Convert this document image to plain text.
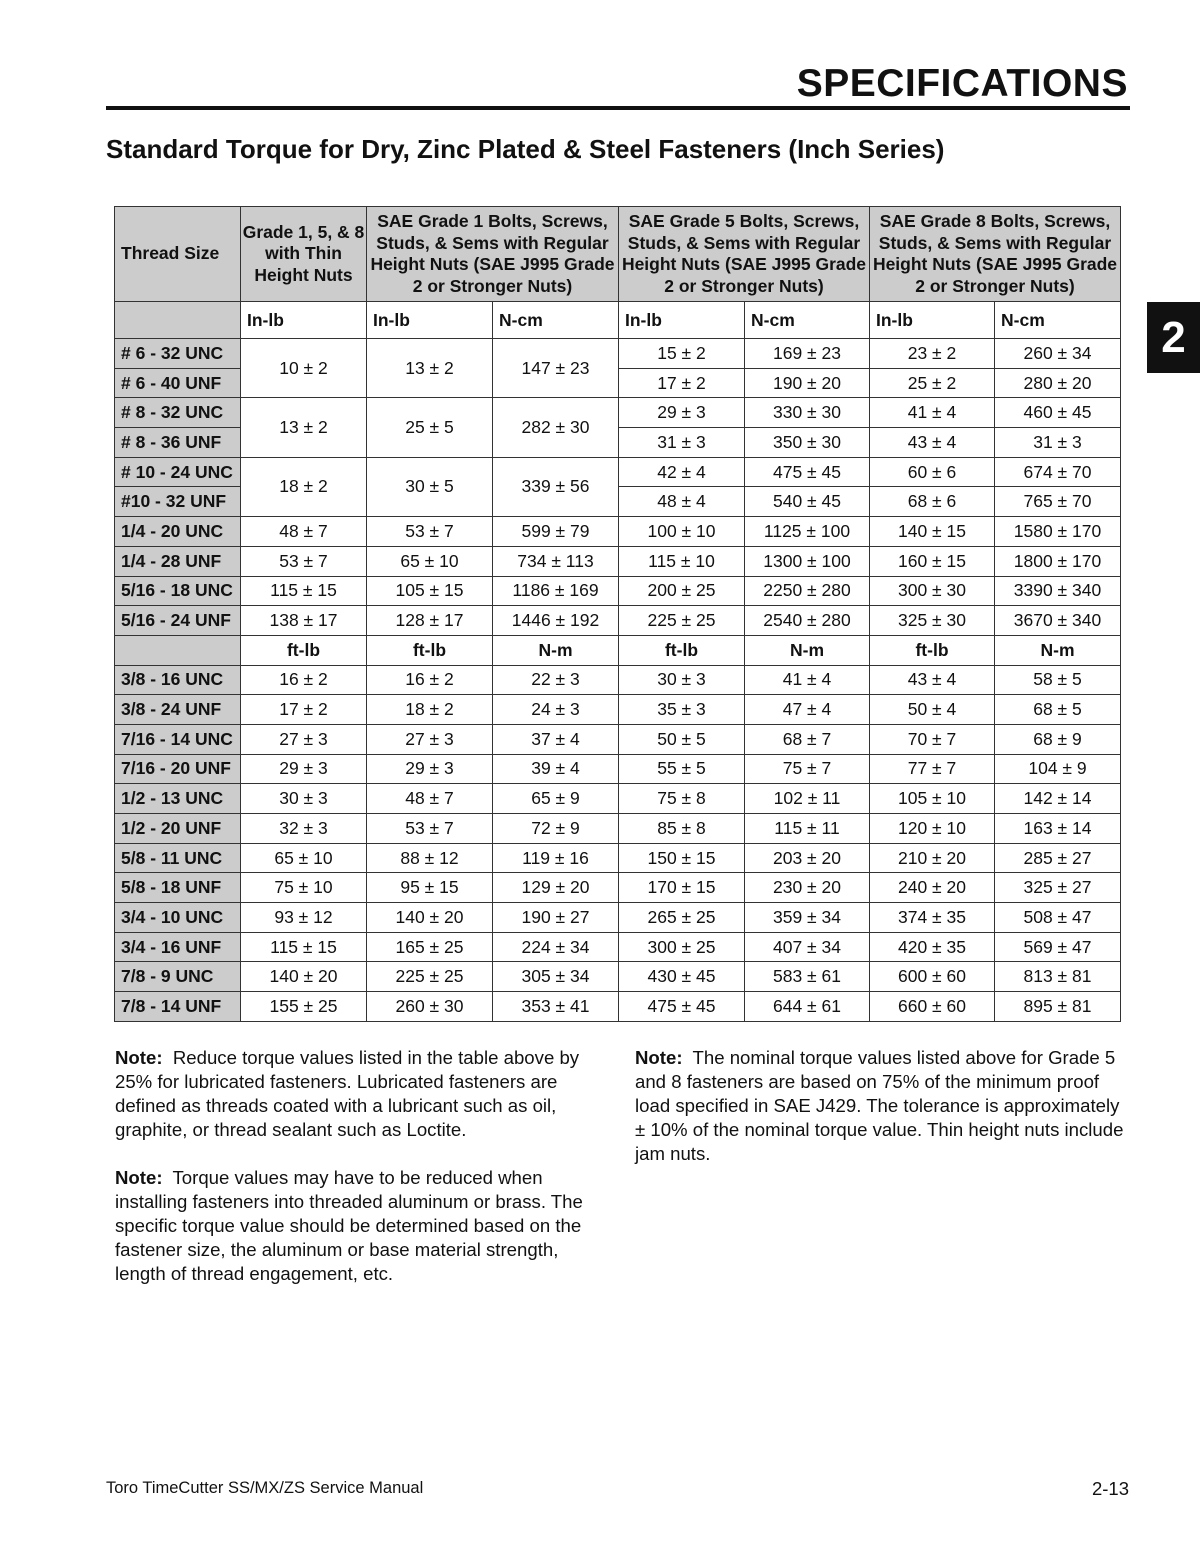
SPECIFICATIONS
2
Standard Torque for Dry, Zinc Plated & Steel Fasteners (Inch Series)
Thread Size	Grade 1, 5, & 8 with Thin Height Nuts	SAE Grade 1 Bolts, Screws, Studs, & Sems with Regular Height Nuts (SAE J995 Grade 2 or Stronger Nuts)		SAE Grade 5 Bolts, Screws, Studs, & Sems with Regular Height Nuts (SAE J995 Grade 2 or Stronger Nuts)		SAE Grade 8 Bolts, Screws, Studs, & Sems with Regular Height Nuts (SAE J995 Grade 2 or Stronger Nuts)	
	In-lb	In-lb	N-cm	In-lb	N-cm	In-lb	N-cm
# 6 - 32 UNC	10 ± 2	13 ± 2	147 ± 23	15 ± 2	169 ± 23	23 ± 2	260 ± 34
# 6 - 40 UNF				17 ± 2	190 ± 20	25 ± 2	280 ± 20
# 8 - 32 UNC	13 ± 2	25 ± 5	282 ± 30	29 ± 3	330 ± 30	41 ± 4	460 ± 45
# 8 - 36 UNF				31 ± 3	350 ± 30	43 ± 4	31 ± 3
# 10 - 24 UNC	18 ± 2	30 ± 5	339 ± 56	42 ± 4	475 ± 45	60 ± 6	674 ± 70
#10 - 32 UNF				48 ± 4	540 ± 45	68 ± 6	765 ± 70
1/4 - 20 UNC	48 ± 7	53 ± 7	599 ± 79	100 ± 10	1125 ± 100	140 ± 15	1580 ± 170
1/4 - 28 UNF	53 ± 7	65 ± 10	734 ± 113	115 ± 10	1300 ± 100	160 ± 15	1800 ± 170
5/16 - 18 UNC	115 ± 15	105 ± 15	1186 ± 169	200 ± 25	2250 ± 280	300 ± 30	3390 ± 340
5/16 - 24 UNF	138 ± 17	128 ± 17	1446 ± 192	225 ± 25	2540 ± 280	325 ± 30	3670 ± 340
	ft-lb	ft-lb	N-m	ft-lb	N-m	ft-lb	N-m
3/8 - 16 UNC	16 ± 2	16 ± 2	22 ± 3	30 ± 3	41 ± 4	43 ± 4	58 ± 5
3/8 - 24 UNF	17 ± 2	18 ± 2	24 ± 3	35 ± 3	47 ± 4	50 ± 4	68 ± 5
7/16 - 14 UNC	27 ± 3	27 ± 3	37 ± 4	50 ± 5	68 ± 7	70 ± 7	68 ± 9
7/16 - 20 UNF	29 ± 3	29 ± 3	39 ± 4	55 ± 5	75 ± 7	77 ± 7	104 ± 9
1/2 - 13 UNC	30 ± 3	48 ± 7	65 ± 9	75 ± 8	102 ± 11	105 ± 10	142 ± 14
1/2 - 20 UNF	32 ± 3	53 ± 7	72 ± 9	85 ± 8	115 ± 11	120 ± 10	163 ± 14
5/8 - 11 UNC	65 ± 10	88 ± 12	119 ± 16	150 ± 15	203 ± 20	210 ± 20	285 ± 27
5/8 - 18 UNF	75 ± 10	95 ± 15	129 ± 20	170 ± 15	230 ± 20	240 ± 20	325 ± 27
3/4 - 10 UNC	93 ± 12	140 ± 20	190 ± 27	265 ± 25	359 ± 34	374 ± 35	508 ± 47
3/4 - 16 UNF	115 ± 15	165 ± 25	224 ± 34	300 ± 25	407 ± 34	420 ± 35	569 ± 47
7/8 - 9 UNC	140 ± 20	225 ± 25	305 ± 34	430 ± 45	583 ± 61	600 ± 60	813 ± 81
7/8 - 14 UNF	155 ± 25	260 ± 30	353 ± 41	475 ± 45	644 ± 61	660 ± 60	895 ± 81
Note: Reduce torque values listed in the table above by 25% for lubricated fasteners. Lubricated fasteners are defined as threads coated with a lubricant such as oil, graphite, or thread sealant such as Loctite.
Note: Torque values may have to be reduced when installing fasteners into threaded aluminum or brass. The specific torque value should be determined based on the fastener size, the aluminum or base material strength, length of thread engagement, etc.
Note: The nominal torque values listed above for Grade 5 and 8 fasteners are based on 75% of the minimum proof load specified in SAE J429. The tolerance is approximately ± 10% of the nominal torque value. Thin height nuts include jam nuts.
Toro TimeCutter SS/MX/ZS Service Manual	2-13
